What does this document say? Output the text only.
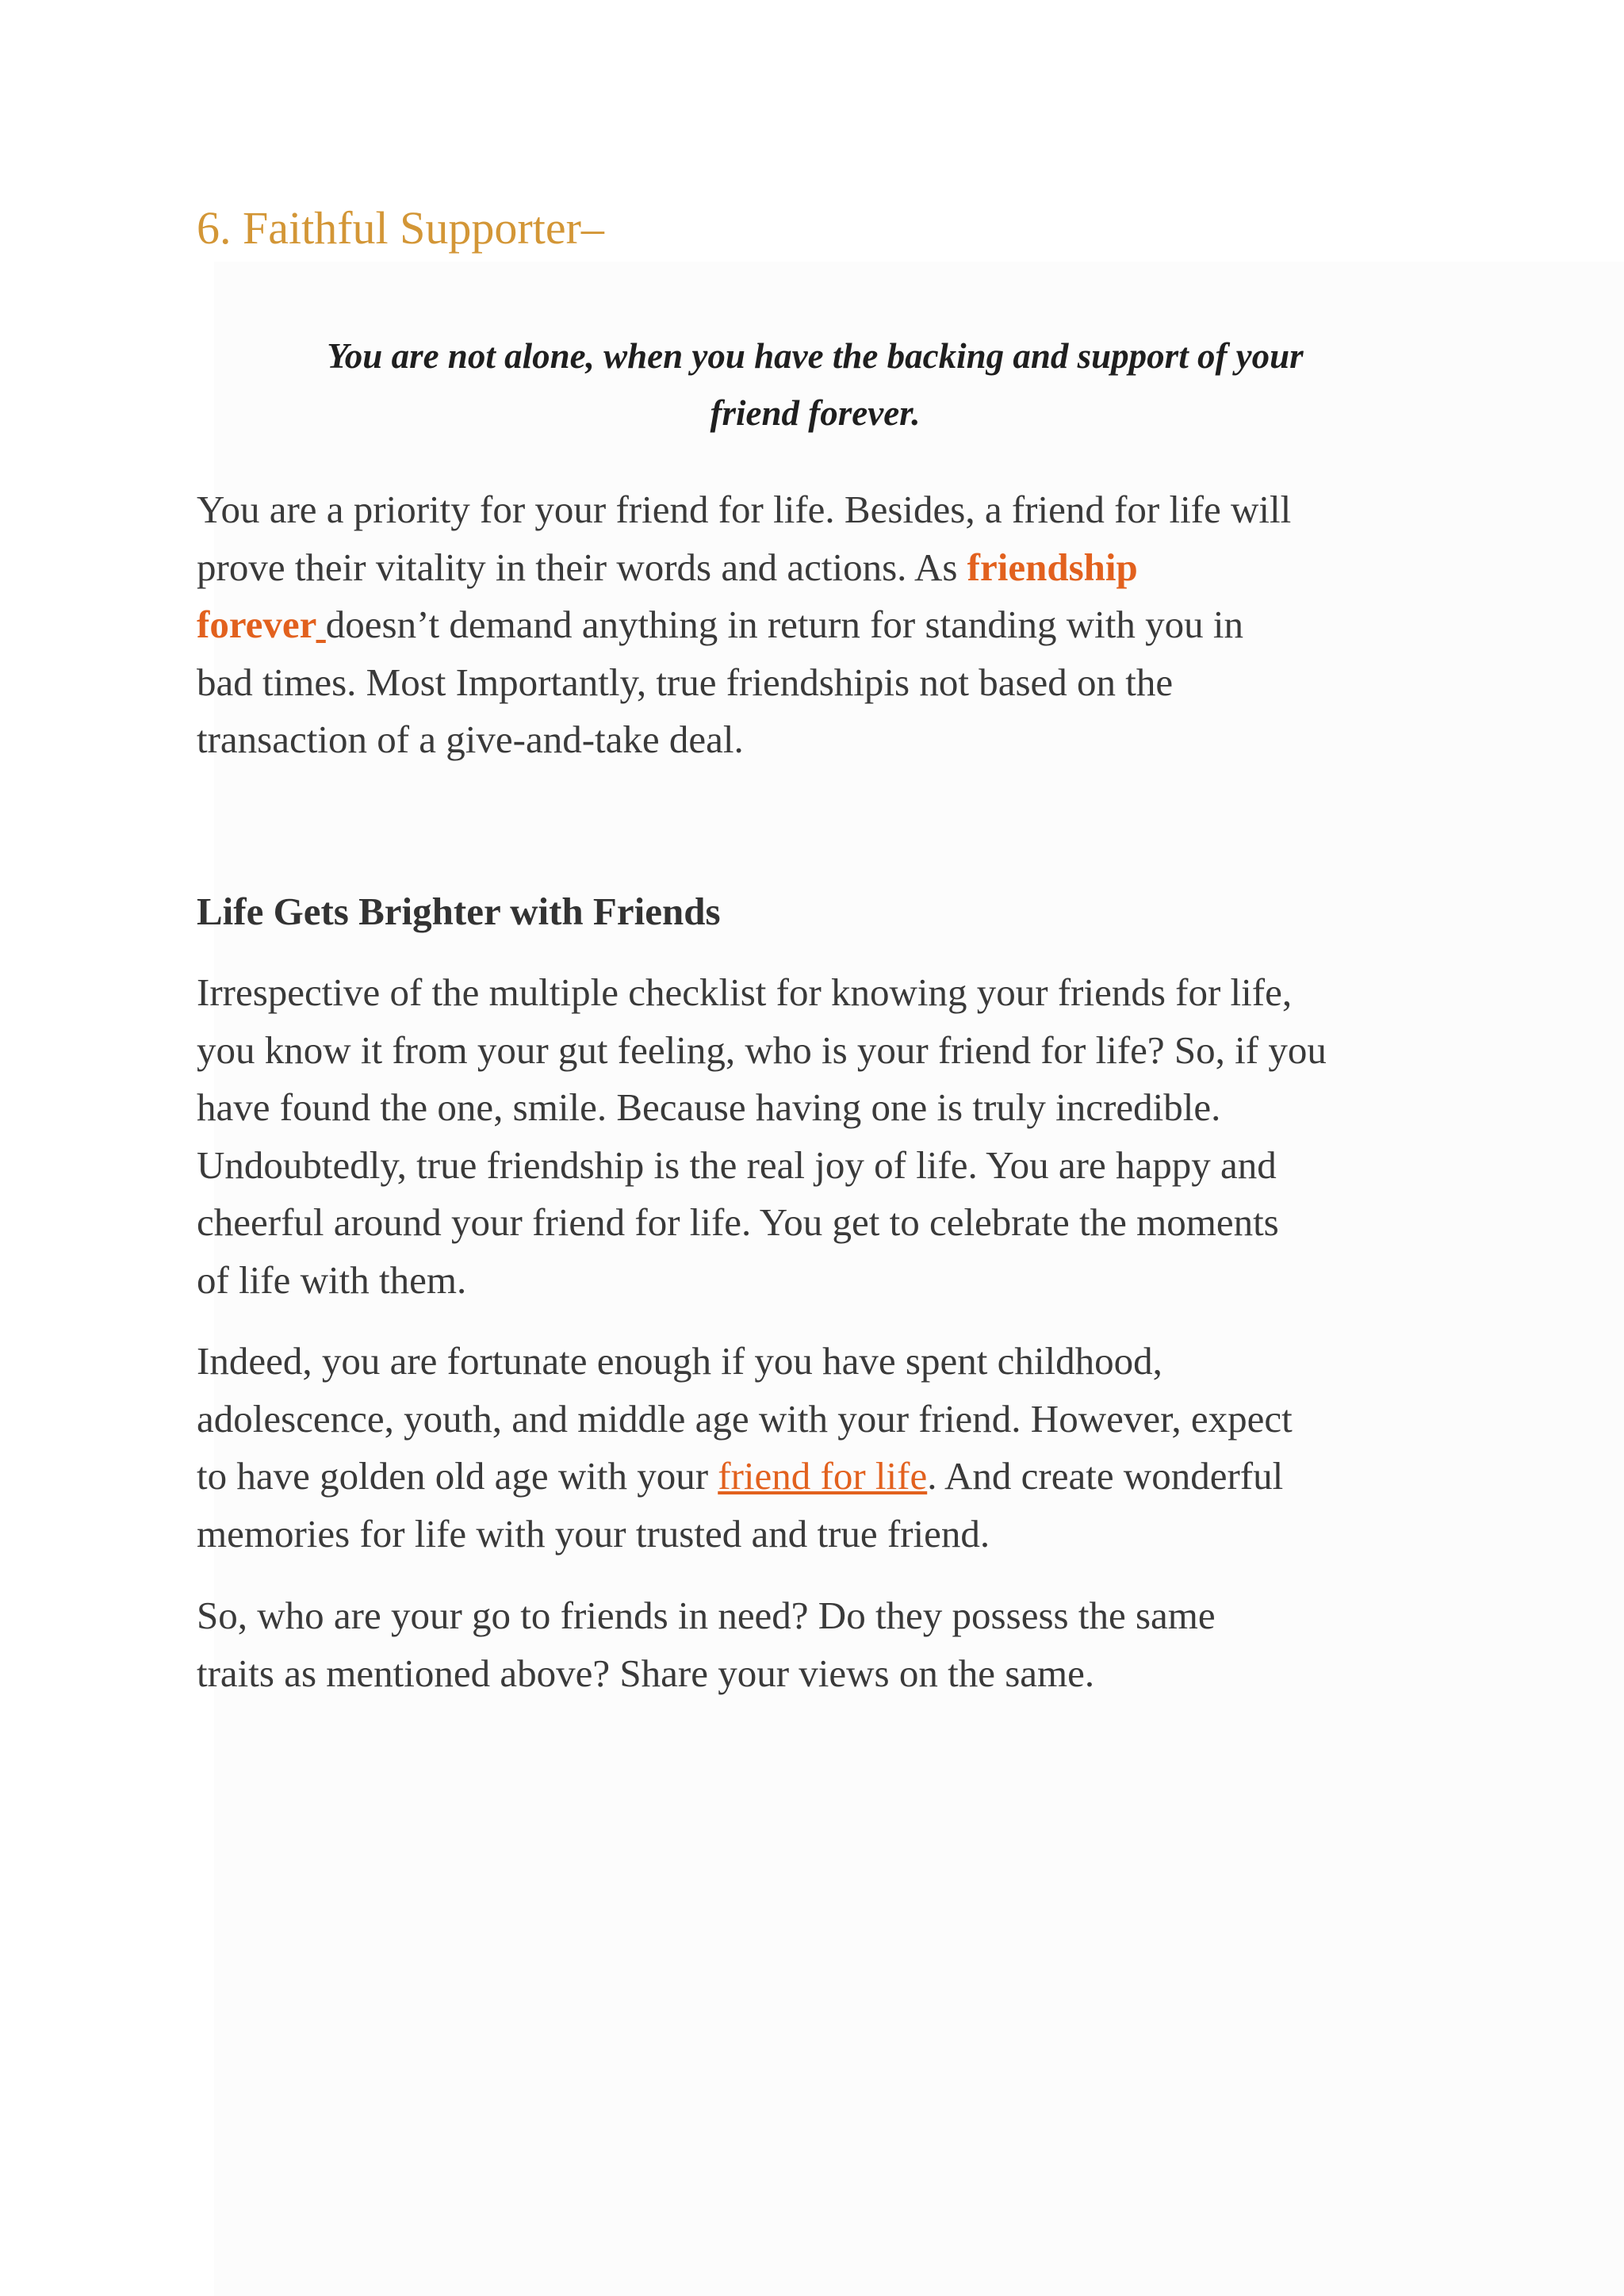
6. Faithful Supporter–

You are not alone, when you have the backing and support of your
friend forever.

You are a priority for your friend for life. Besides, a friend for life will
prove their vitality in their words and actions. As friendship
forever doesn’t demand anything in return for standing with you in
bad times. Most Importantly, true friendshipis not based on the
transaction of a give-and-take deal.

Life Gets Brighter with Friends

Irrespective of the multiple checklist for knowing your friends for life,
you know it from your gut feeling, who is your friend for life? So, if you
have found the one, smile. Because having one is truly incredible.
Undoubtedly, true friendship is the real joy of life. You are happy and
cheerful around your friend for life. You get to celebrate the moments
of life with them.

Indeed, you are fortunate enough if you have spent childhood,
adolescence, youth, and middle age with your friend. However, expect
to have golden old age with your friend for life. And create wonderful
memories for life with your trusted and true friend.

So, who are your go to friends in need? Do they possess the same
traits as mentioned above? Share your views on the same.
